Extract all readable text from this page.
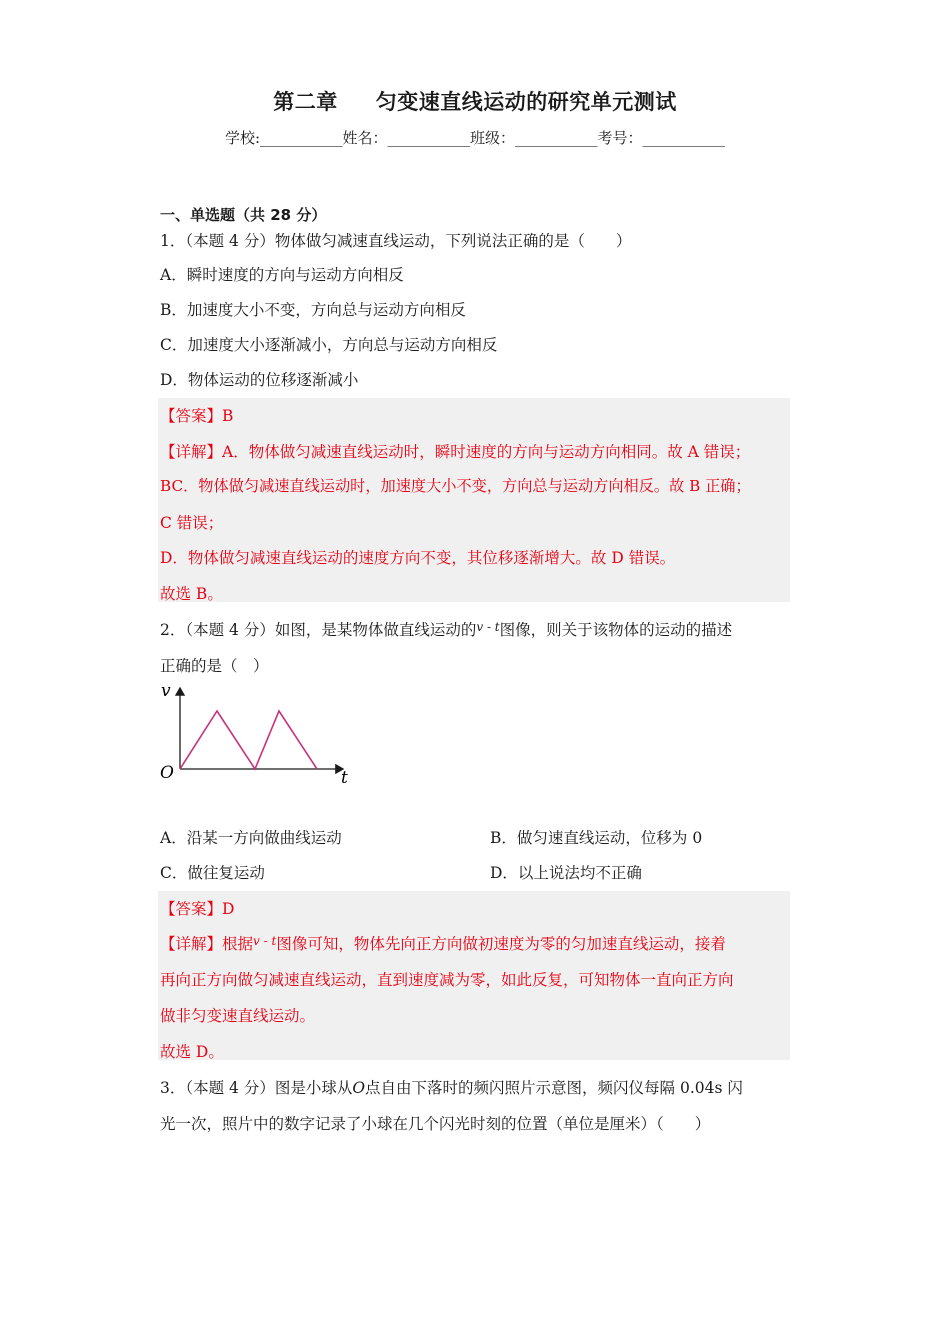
第二章 匀变速直线运动的研究单元测试
学校:___________姓名：___________班级：___________考号：___________
一、单选题（共 28 分）
1．（本题 4 分）物体做匀减速直线运动，下列说法正确的是（　　）
A．瞬时速度的方向与运动方向相反
B．加速度大小不变，方向总与运动方向相反
C．加速度大小逐渐减小，方向总与运动方向相反
D．物体运动的位移逐渐减小
【答案】B
【详解】A．物体做匀减速直线运动时，瞬时速度的方向与运动方向相同。故 A 错误；
BC．物体做匀减速直线运动时，加速度大小不变，方向总与运动方向相反。故 B 正确；
C 错误；
D．物体做匀减速直线运动的速度方向不变，其位移逐渐增大。故 D 错误。
故选 B。
2．（本题 4 分）如图，是某物体做直线运动的$^{v - t}$图像，则关于该物体的运动的描述
正确的是（　）
v
O	t
A．沿某一方向做曲线运动	B．做匀速直线运动，位移为 0
C．做往复运动	D．以上说法均不正确
【答案】D
【详解】根据$^{v - t}$图像可知，物体先向正方向做初速度为零的匀加速直线运动，接着
再向正方向做匀减速直线运动，直到速度减为零，如此反复，可知物体一直向正方向
做非匀变速直线运动。
故选 D。
3．（本题 4 分）图是小球从O点自由下落时的频闪照片示意图，频闪仪每隔 0.04s 闪
光一次，照片中的数字记录了小球在几个闪光时刻的位置（单位是厘米）（　　）
